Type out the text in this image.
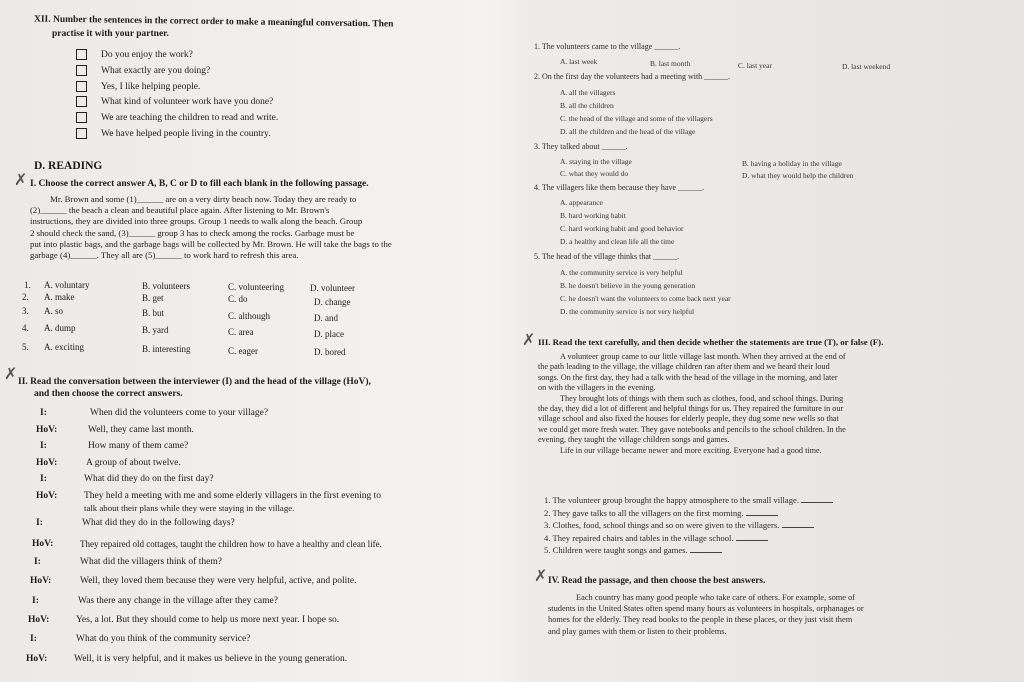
XII. Number the sentences in the correct order to make a meaningful conversation. Then
practise it with your partner.
Do you enjoy the work?
What exactly are you doing?
Yes, I like helping people.
What kind of volunteer work have you done?
We are teaching the children to read and write.
We have helped people living in the country.
D. READING
✗ I. Choose the correct answer A, B, C or D to fill each blank in the following passage.
Mr. Brown and some (1)______ are on a very dirty beach now. Today they are ready to
(2)______ the beach a clean and beautiful place again. After listening to Mr. Brown's
instructions, they are divided into three groups. Group 1 needs to walk along the beach. Group
2 should check the sand, (3)______ group 3 has to check among the rocks. Garbage must be
put into plastic bags, and the garbage bags will be collected by Mr. Brown. He will take the bags to the
garbage (4)______. They all are (5)______ to work hard to refresh this area.
1. A. voluntary	B. volunteers	C. volunteering	D. volunteer
2. A. make	B. get	C. do	D. change
3. A. so	B. but	C. although	D. and
4. A. dump	B. yard	C. area	D. place
5. A. exciting	B. interesting	C. eager	D. bored
✗ II. Read the conversation between the interviewer (I) and the head of the village (HoV),
and then choose the correct answers.
I:	When did the volunteers come to your village?
HoV:	Well, they came last month.
I:	How many of them came?
HoV:	A group of about twelve.
I:	What did they do on the first day?
HoV:	They held a meeting with me and some elderly villagers in the first evening to
talk about their plans while they were staying in the village.
I:	What did they do in the following days?
HoV:	They repaired old cottages, taught the children how to have a healthy and clean life.
I:	What did the villagers think of them?
HoV:	Well, they loved them because they were very helpful, active, and polite.
I:	Was there any change in the village after they came?
HoV:	Yes, a lot. But they should come to help us more next year. I hope so.
I:	What do you think of the community service?
HoV:	Well, it is very helpful, and it makes us believe in the young generation.
1. The volunteers came to the village ______.
A. last week	B. last month	C. last year	D. last weekend
2. On the first day the volunteers had a meeting with ______.
A. all the villagers
B. all the children
C. the head of the village and some of the villagers
D. all the children and the head of the village
3. They talked about ______.
A. staying in the village	B. having a holiday in the village
C. what they would do	D. what they would help the children
4. The villagers like them because they have ______.
A. appearance
B. hard working habit
C. hard working habit and good behavior
D. a healthy and clean life all the time
5. The head of the village thinks that ______.
A. the community service is very helpful
B. he doesn't believe in the young generation
C. he doesn't want the volunteers to come back next year
D. the community service is not very helpful
✗ III. Read the text carefully, and then decide whether the statements are true (T), or false (F).
A volunteer group came to our little village last month. When they arrived at the end of
the path leading to the village, the village children ran after them and we heard their loud
songs. On the first day, they had a talk with the head of the village in the morning, and later
on with the villagers in the evening.
They brought lots of things with them such as clothes, food, and school things. During
the day, they did a lot of different and helpful things for us. They repaired the furniture in our
village school and also fixed the houses for elderly people, they dug some new wells so that
we could get more fresh water. They gave notebooks and pencils to the school children. In the
evening, they taught the village children songs and games.
Life in our village became newer and more exciting. Everyone had a good time.
1. The volunteer group brought the happy atmosphere to the small village.
2. They gave talks to all the villagers on the first morning.
3. Clothes, food, school things and so on were given to the villagers.
4. They repaired chairs and tables in the village school.
5. Children were taught songs and games.
✗ IV. Read the passage, and then choose the best answers.
Each country has many good people who take care of others. For example, some of
students in the United States often spend many hours as volunteers in hospitals, orphanages or
homes for the elderly. They read books to the people in these places, or they just visit them
and play games with them or listen to their problems.
